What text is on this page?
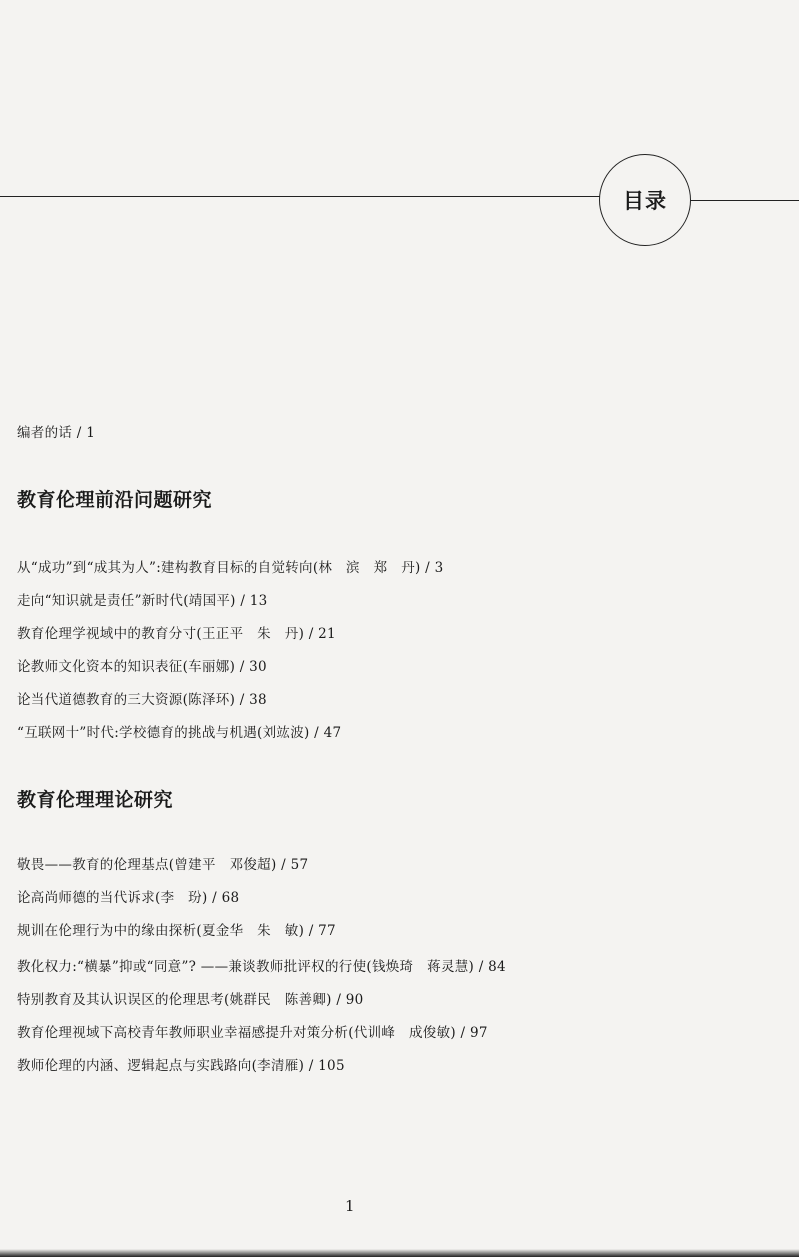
目录
编者的话 / 1
教育伦理前沿问题研究
从“成功”到“成其为人”:建构教育目标的自觉转向(林　滨　郑　丹) / 3
走向“知识就是责任”新时代(靖国平) / 13
教育伦理学视域中的教育分寸(王正平　朱　丹) / 21
论教师文化资本的知识表征(车丽娜) / 30
论当代道德教育的三大资源(陈泽环) / 38
“互联网十”时代:学校德育的挑战与机遇(刘竑波) / 47
教育伦理理论研究
敬畏——教育的伦理基点(曾建平　邓俊超) / 57
论高尚师德的当代诉求(李　玢) / 68
规训在伦理行为中的缘由探析(夏金华　朱　敏) / 77
教化权力:“横暴”抑或“同意”? ——兼谈教师批评权的行使(钱焕琦　蒋灵慧) / 84
特别教育及其认识误区的伦理思考(姚群民　陈善卿) / 90
教育伦理视域下高校青年教师职业幸福感提升对策分析(代训峰　成俊敏) / 97
教师伦理的内涵、逻辑起点与实践路向(李清雁) / 105
1
